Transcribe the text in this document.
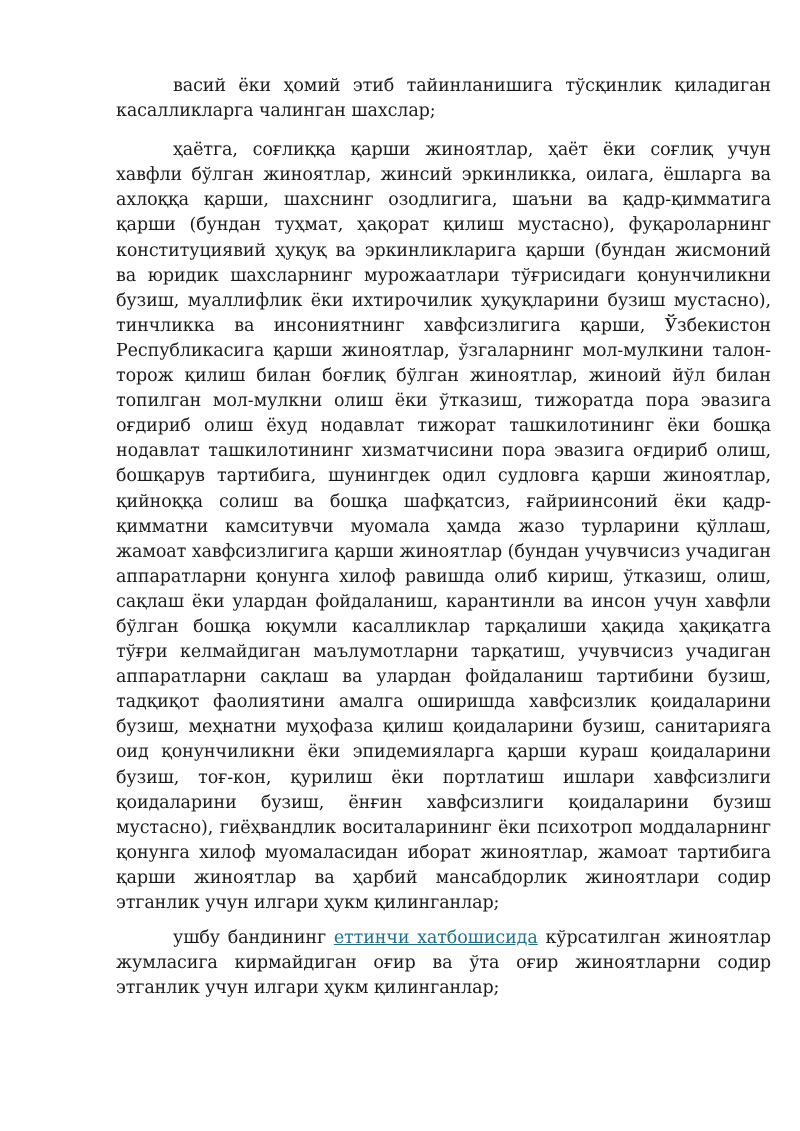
васий ёки ҳомий этиб тайинланишига тўсқинлик қиладиган касалликларга чалинган шахслар;

ҳаётга, соғлиққа қарши жиноятлар, ҳаёт ёки соғлиқ учун хавфли бўлган жиноятлар, жинсий эркинликка, оилага, ёшларга ва ахлоққа қарши, шахснинг озодлигига, шаъни ва қадр-қимматига қарши (бундан туҳмат, ҳақорат қилиш мустасно), фуқароларнинг конституциявий ҳуқуқ ва эркинликларига қарши (бундан жисмоний ва юридик шахсларнинг мурожаатлари тўғрисидаги қонунчиликни бузиш, муаллифлик ёки ихтирочилик ҳуқуқларини бузиш мустасно), тинчликка ва инсониятнинг хавфсизлигига қарши, Ўзбекистон Республикасига қарши жиноятлар, ўзгаларнинг мол-мулкини талон-торож қилиш билан боғлиқ бўлган жиноятлар, жиноий йўл билан топилган мол-мулкни олиш ёки ўтказиш, тижоратда пора эвазига оғдириб олиш ёхуд нодавлат тижорат ташкилотининг ёки бошқа нодавлат ташкилотининг хизматчисини пора эвазига оғдириб олиш, бошқарув тартибига, шунингдек одил судловга қарши жиноятлар, қийноққа солиш ва бошқа шафқатсиз, ғайриинсоний ёки қадр-қимматни камситувчи муомала ҳамда жазо турларини қўллаш, жамоат хавфсизлигига қарши жиноятлар (бундан учувчисиз учадиган аппаратларни қонунга хилоф равишда олиб кириш, ўтказиш, олиш, сақлаш ёки улардан фойдаланиш, карантинли ва инсон учун хавфли бўлган бошқа юқумли касалликлар тарқалиши ҳақида ҳақиқатга тўғри келмайдиган маълумотларни тарқатиш, учувчисиз учадиган аппаратларни сақлаш ва улардан фойдаланиш тартибини бузиш, тадқиқот фаолиятини амалга оширишда хавфсизлик қоидаларини бузиш, меҳнатни муҳофаза қилиш қоидаларини бузиш, санитарияга оид қонунчиликни ёки эпидемияларга қарши кураш қоидаларини бузиш, тоғ-кон, қурилиш ёки портлатиш ишлари хавфсизлиги қоидаларини бузиш, ёнғин хавфсизлиги қоидаларини бузиш мустасно), гиёҳвандлик воситаларининг ёки психотроп моддаларнинг қонунга хилоф муомаласидан иборат жиноятлар, жамоат тартибига қарши жиноятлар ва ҳарбий мансабдорлик жиноятлари содир этганлик учун илгари ҳукм қилинганлар;

ушбу бандининг еттинчи хатбошисида кўрсатилган жиноятлар жумласига кирмайдиган оғир ва ўта оғир жиноятларни содир этганлик учун илгари ҳукм қилинганлар;
